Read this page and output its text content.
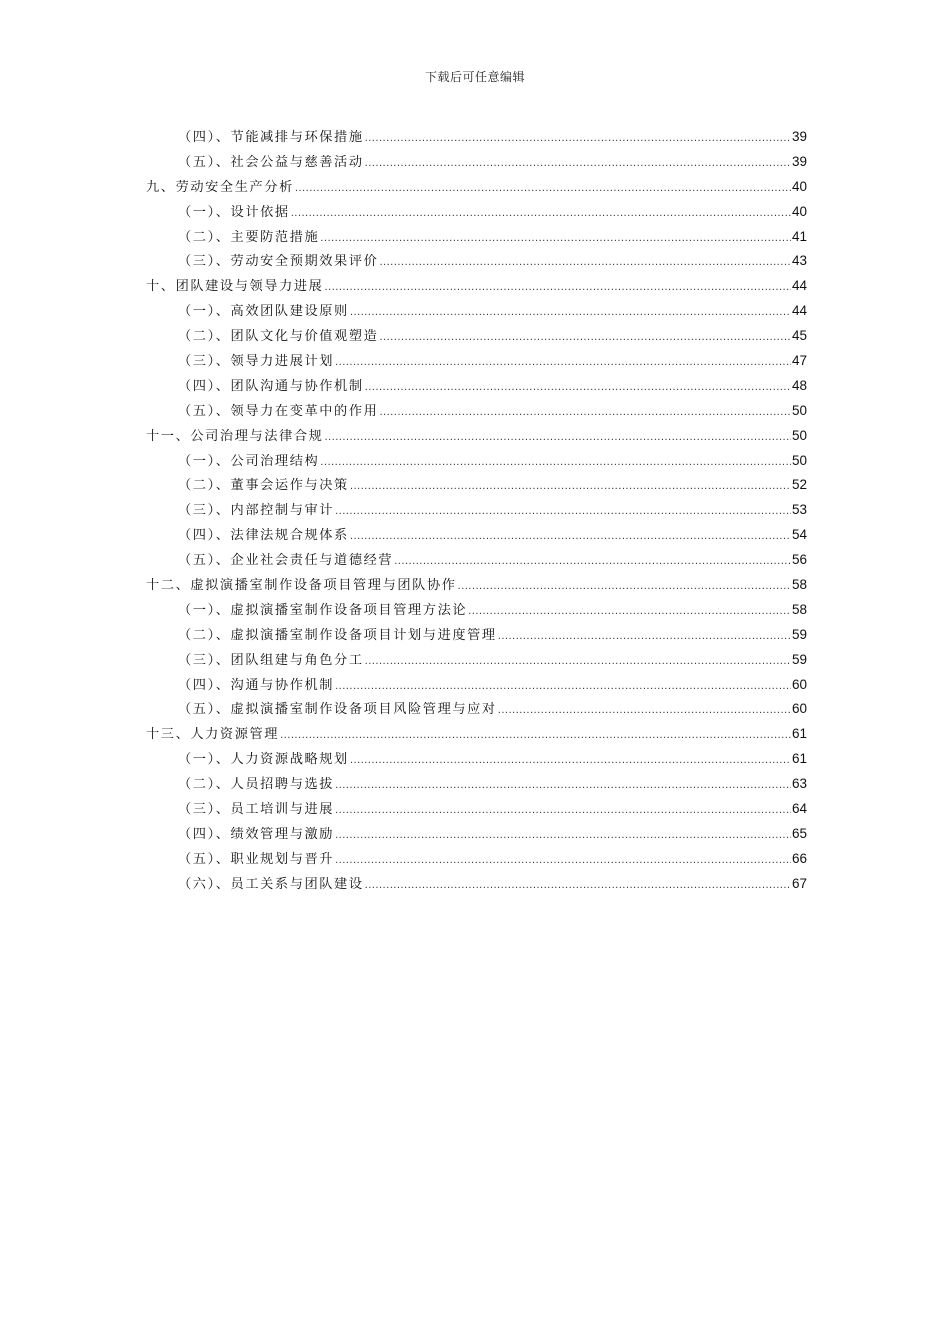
下载后可任意编辑
（四）、节能减排与环保措施 .....	39
（五）、社会公益与慈善活动 .....	39
九、劳动安全生产分析 .....	40
（一）、设计依据 .....	40
（二）、主要防范措施 .....	41
（三）、劳动安全预期效果评价 .....	43
十、团队建设与领导力进展 .....	44
（一）、高效团队建设原则 .....	44
（二）、团队文化与价值观塑造 .....	45
（三）、领导力进展计划 .....	47
（四）、团队沟通与协作机制 .....	48
（五）、领导力在变革中的作用 .....	50
十一、公司治理与法律合规 .....	50
（一）、公司治理结构 .....	50
（二）、董事会运作与决策 .....	52
（三）、内部控制与审计 .....	53
（四）、法律法规合规体系 .....	54
（五）、企业社会责任与道德经营 .....	56
十二、虚拟演播室制作设备项目管理与团队协作 .....	58
（一）、虚拟演播室制作设备项目管理方法论 .....	58
（二）、虚拟演播室制作设备项目计划与进度管理 .....	59
（三）、团队组建与角色分工 .....	59
（四）、沟通与协作机制 .....	60
（五）、虚拟演播室制作设备项目风险管理与应对 .....	60
十三、人力资源管理 .....	61
（一）、人力资源战略规划 .....	61
（二）、人员招聘与选拔 .....	63
（三）、员工培训与进展 .....	64
（四）、绩效管理与激励 .....	65
（五）、职业规划与晋升 .....	66
（六）、员工关系与团队建设 .....	67
